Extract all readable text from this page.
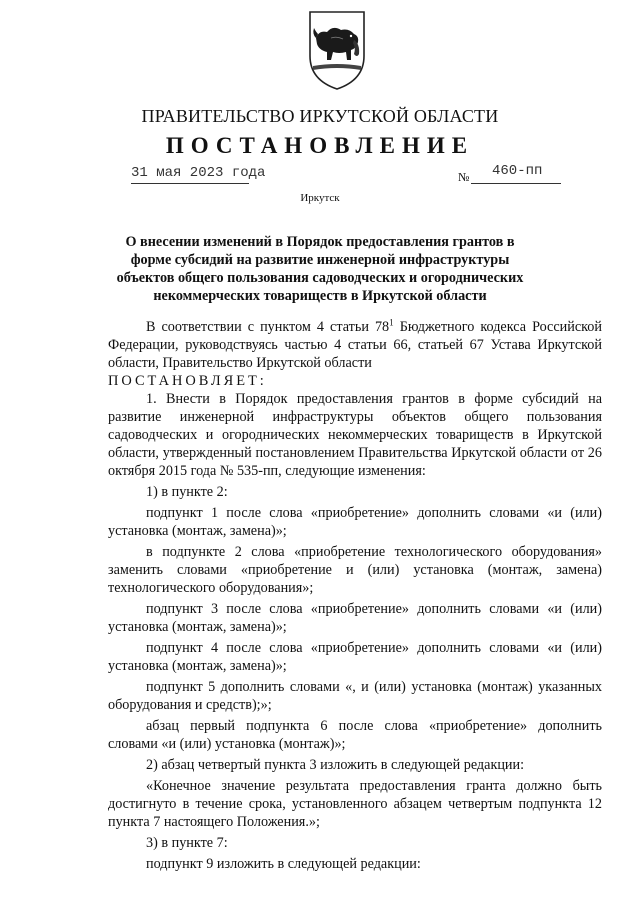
ПРАВИТЕЛЬСТВО ИРКУТСКОЙ ОБЛАСТИ
ПОСТАНОВЛЕНИЕ
31 мая 2023 года	№ 460-пп
Иркутск
О внесении изменений в Порядок предоставления грантов в форме субсидий на развитие инженерной инфраструктуры объектов общего пользования садоводческих и огороднических некоммерческих товариществ в Иркутской области

В соответствии с пунктом 4 статьи $78^1$ Бюджетного кодекса Российской Федерации, руководствуясь частью 4 статьи 66, статьей 67 Устава Иркутской области, Правительство Иркутской области

ПОСТАНОВЛЯЕТ:

1. Внести в Порядок предоставления грантов в форме субсидий на развитие инженерной инфраструктуры объектов общего пользования садоводческих и огороднических некоммерческих товариществ в Иркутской области, утвержденный постановлением Правительства Иркутской области от 26 октября 2015 года № 535-пп, следующие изменения:

1) в пункте 2:

подпункт 1 после слова «приобретение» дополнить словами «и (или) установка (монтаж, замена)»;

в подпункте 2 слова «приобретение технологического оборудования» заменить словами «приобретение и (или) установка (монтаж, замена) технологического оборудования»;

подпункт 3 после слова «приобретение» дополнить словами «и (или) установка (монтаж, замена)»;

подпункт 4 после слова «приобретение» дополнить словами «и (или) установка (монтаж, замена)»;

подпункт 5 дополнить словами «, и (или) установка (монтаж) указанных оборудования и средств);»;

абзац первый подпункта 6 после слова «приобретение» дополнить словами «и (или) установка (монтаж)»;

2) абзац четвертый пункта 3 изложить в следующей редакции:

«Конечное значение результата предоставления гранта должно быть достигнуто в течение срока, установленного абзацем четвертым подпункта 12 пункта 7 настоящего Положения.»;

3) в пункте 7:

подпункт 9 изложить в следующей редакции:
